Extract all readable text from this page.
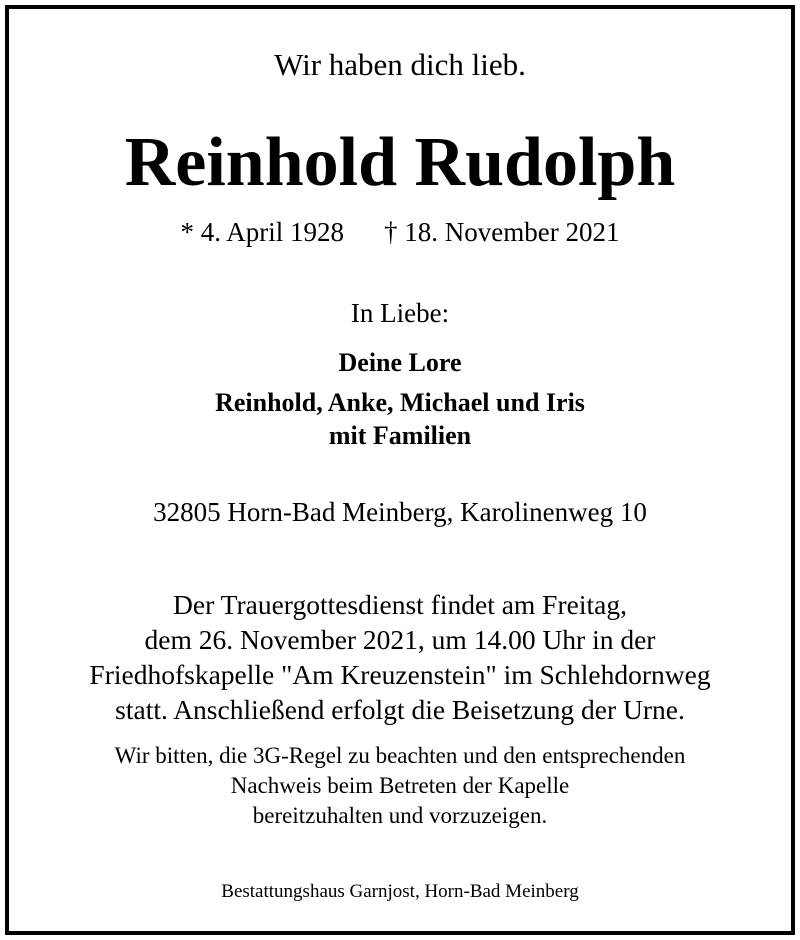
Wir haben dich lieb.

Reinhold Rudolph

* 4. April 1928 † 18. November 2021

In Liebe:

Deine Lore

Reinhold, Anke, Michael und Iris

mit Familien

32805 Horn-Bad Meinberg, Karolinenweg 10

Der Trauergottesdienst findet am Freitag,

dem 26. November 2021, um 14.00 Uhr in der

Friedhofskapelle "Am Kreuzenstein" im Schlehdornweg

statt. Anschließend erfolgt die Beisetzung der Urne.

Wir bitten, die 3G-Regel zu beachten und den entsprechenden

Nachweis beim Betreten der Kapelle

bereitzuhalten und vorzuzeigen.

Bestattungshaus Garnjost, Horn-Bad Meinberg
